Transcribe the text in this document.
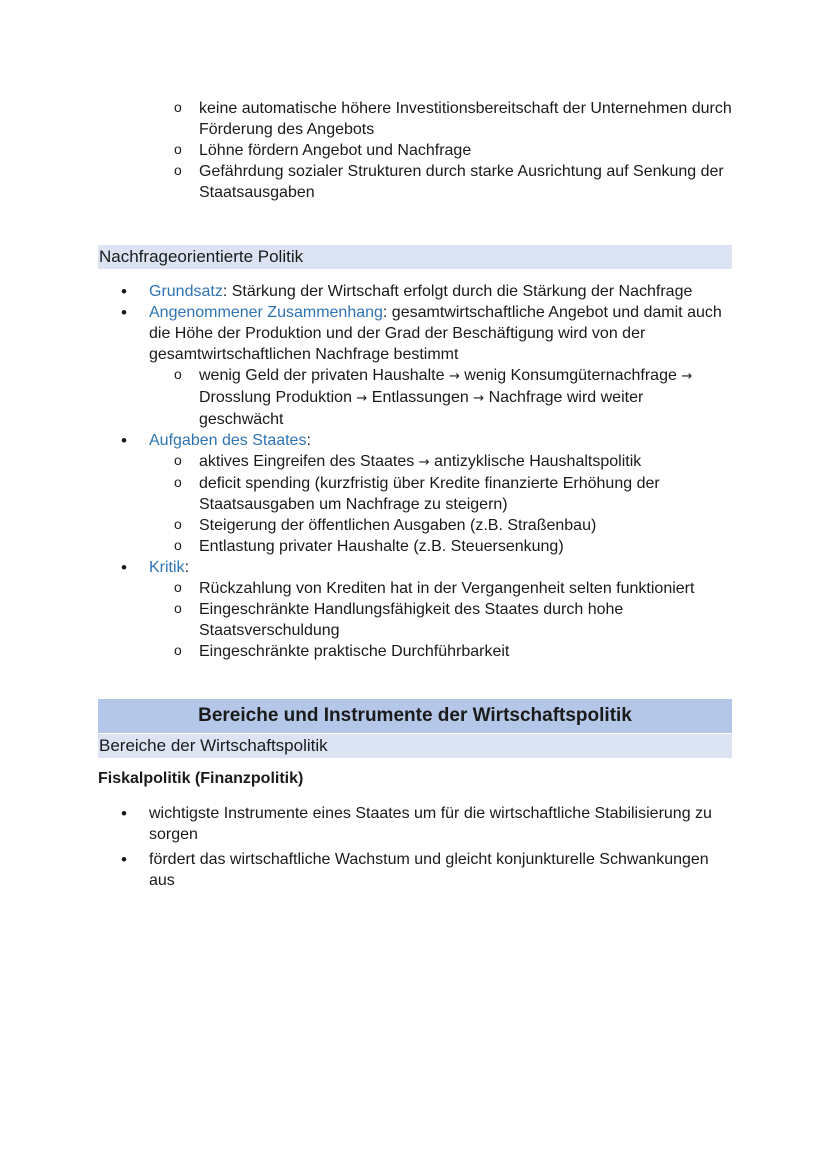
o keine automatische höhere Investitionsbereitschaft der Unternehmen durch Förderung des Angebots
o Löhne fördern Angebot und Nachfrage
o Gefährdung sozialer Strukturen durch starke Ausrichtung auf Senkung der Staatsausgaben
Nachfrageorientierte Politik
• Grundsatz: Stärkung der Wirtschaft erfolgt durch die Stärkung der Nachfrage
• Angenommener Zusammenhang: gesamtwirtschaftliche Angebot und damit auch die Höhe der Produktion und der Grad der Beschäftigung wird von der gesamtwirtschaftlichen Nachfrage bestimmt
o wenig Geld der privaten Haushalte → wenig Konsumgüternachfrage → Drosslung Produktion → Entlassungen → Nachfrage wird weiter geschwächt
• Aufgaben des Staates:
o aktives Eingreifen des Staates → antizyklische Haushaltspolitik
o deficit spending (kurzfristig über Kredite finanzierte Erhöhung der Staatsausgaben um Nachfrage zu steigern)
o Steigerung der öffentlichen Ausgaben (z.B. Straßenbau)
o Entlastung privater Haushalte (z.B. Steuersenkung)
• Kritik:
o Rückzahlung von Krediten hat in der Vergangenheit selten funktioniert
o Eingeschränkte Handlungsfähigkeit des Staates durch hohe Staatsverschuldung
o Eingeschränkte praktische Durchführbarkeit
Bereiche und Instrumente der Wirtschaftspolitik
Bereiche der Wirtschaftspolitik
Fiskalpolitik (Finanzpolitik)
• wichtigste Instrumente eines Staates um für die wirtschaftliche Stabilisierung zu sorgen
• fördert das wirtschaftliche Wachstum und gleicht konjunkturelle Schwankungen aus
